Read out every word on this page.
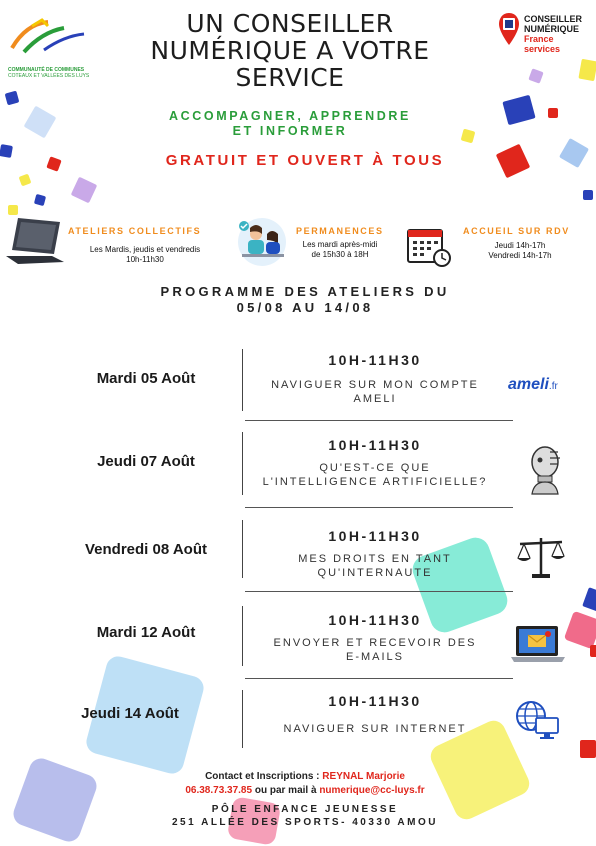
COMMUNAUTÉ DE COMMUNES
COTEAUX ET VALLÉES DES LUYS
CONSEILLER
NUMÉRIQUE
France
services
UN CONSEILLER
NUMÉRIQUE A VOTRE
SERVICE
ACCOMPAGNER, APPRENDRE
ET INFORMER
GRATUIT ET OUVERT À TOUS
ATELIERS COLLECTIFS
Les Mardis, jeudis et vendredis
10h-11h30
PERMANENCES
Les mardi après-midi
de 15h30 à 18H
ACCUEIL SUR RDV
Jeudi 14h-17h
Vendredi 14h-17h
PROGRAMME DES ATELIERS DU
05/08 AU 14/08
Mardi 05 Août
10H-11H30
NAVIGUER SUR MON COMPTE
AMELI
ameli.fr
Jeudi 07 Août
10H-11H30
QU'EST-CE QUE
L'INTELLIGENCE ARTIFICIELLE?
Vendredi 08 Août
10H-11H30
MES DROITS EN TANT
QU'INTERNAUTE
Mardi 12 Août
10H-11H30
ENVOYER ET RECEVOIR DES
E-MAILS
Jeudi 14 Août
10H-11H30
NAVIGUER SUR INTERNET
Contact et Inscriptions : REYNAL Marjorie
06.38.73.37.85 ou par mail à numerique@cc-luys.fr
PÔLE ENFANCE JEUNESSE
251 ALLÉE DES SPORTS- 40330 AMOU
